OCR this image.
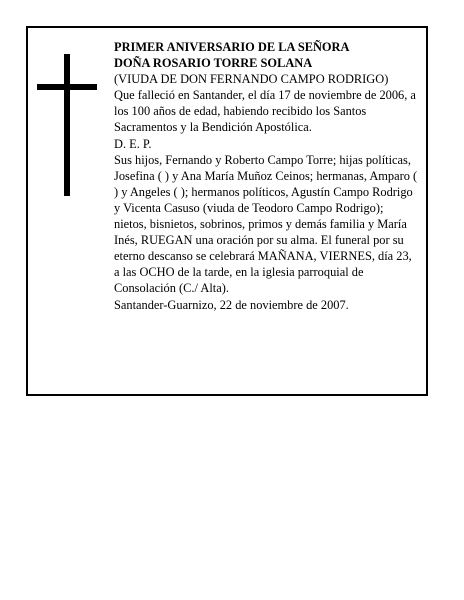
PRIMER ANIVERSARIO DE LA SEÑORA

DOÑA ROSARIO TORRE SOLANA

(VIUDA DE DON FERNANDO CAMPO RODRIGO)

Que falleció en Santander, el día 17 de noviembre de 2006, a los 100 años de edad, habiendo recibido los Santos Sacramentos y la Bendición Apostólica.

D. E. P.

Sus hijos, Fernando y Roberto Campo Torre; hijas políticas, Josefina ( ) y Ana María Muñoz Ceinos; hermanas, Amparo ( ) y Angeles ( ); hermanos políticos, Agustín Campo Rodrigo y Vicenta Casuso (viuda de Teodoro Campo Rodrigo); nietos, bisnietos, sobrinos, primos y demás familia y María Inés, RUEGAN una oración por su alma. El funeral por su eterno descanso se celebrará MAÑANA, VIERNES, día 23, a las OCHO de la tarde, en la iglesia parroquial de Consolación (C./ Alta).

Santander-Guarnizo, 22 de noviembre de 2007.
